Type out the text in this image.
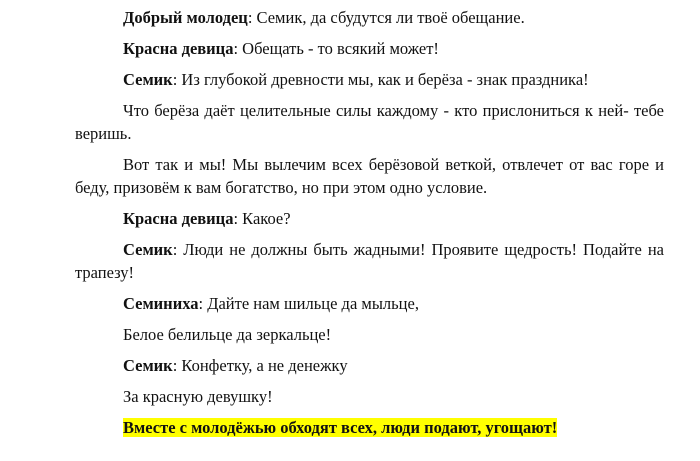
Добрый молодец: Семик, да сбудутся ли твоё обещание.

Красна девица: Обещать - то всякий может!

Семик: Из глубокой древности мы, как и берёза - знак праздника!

Что берёза даёт целительные силы каждому - кто прислониться к ней- тебе веришь.

Вот так и мы! Мы вылечим всех берёзовой веткой, отвлечет от вас горе и беду, призовём к вам богатство, но при этом одно условие.

Красна девица: Какое?

Семик: Люди не должны быть жадными! Проявите щедрость! Подайте на трапезу!

Семиниха: Дайте нам шильце да мыльце,

Белое белильце да зеркальце!

Семик: Конфетку, а не денежку

За красную девушку!

Вместе с молодёжью обходят всех, люди подают, угощают!
